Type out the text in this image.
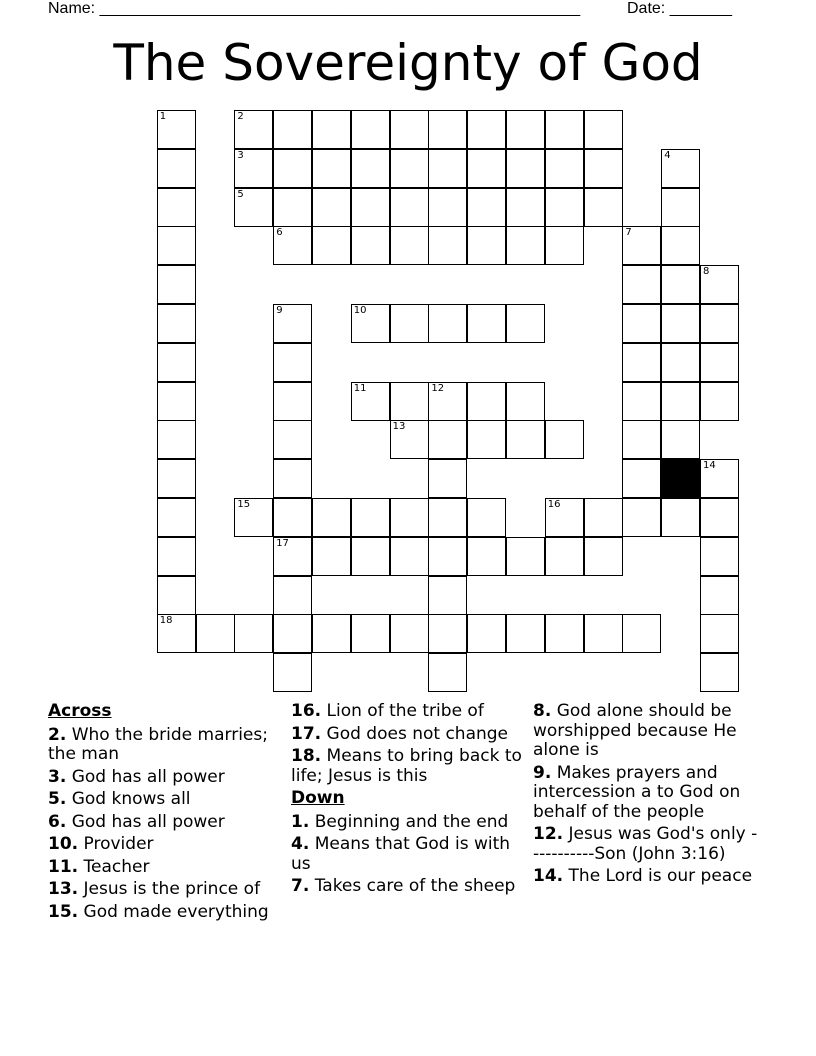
Name: ______________________________________________________	Date: _______
The Sovereignty of God
1	2
3
5
6
4
7
8
9	10
11	12
13
14
15	16
17
18
Across
2. Who the bride marries; the man
3. God has all power
5. God knows all
6. God has all power
10. Provider
11. Teacher
13. Jesus is the prince of
15. God made everything
16. Lion of the tribe of
17. God does not change
18. Means to bring back to life; Jesus is this
Down
1. Beginning and the end
4. Means that God is with us
7. Takes care of the sheep
8. God alone should be worshipped because He alone is
9. Makes prayers and intercession a to God on behalf of the people
12. Jesus was God's only -----------Son (John 3:16)
14. The Lord is our peace
